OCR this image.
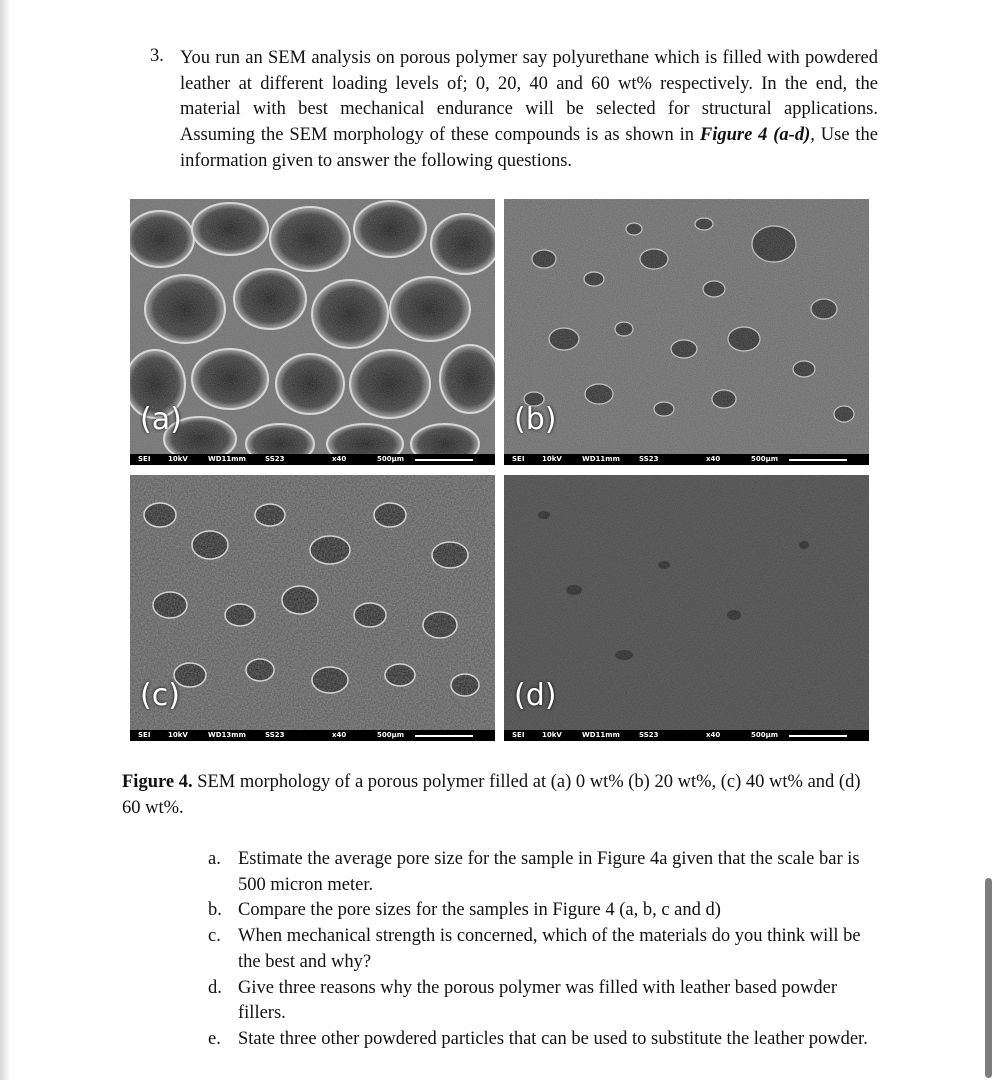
3. You run an SEM analysis on porous polymer say polyurethane which is filled with powdered leather at different loading levels of; 0, 20, 40 and 60 wt% respectively. In the end, the material with best mechanical endurance will be selected for structural applications. Assuming the SEM morphology of these compounds is as shown in Figure 4 (a-d), Use the information given to answer the following questions.
(a)
SEI	10kV	WD11mm	SS23	x40	500μm
(b)
SEI	10kV	WD11mm	SS23	x40	500μm
(c)
SEI	10kV	WD13mm	SS23	x40	500μm
(d)
SEI	10kV	WD11mm	SS23	x40	500μm
Figure 4. SEM morphology of a porous polymer filled at (a) 0 wt% (b) 20 wt%, (c) 40 wt% and (d) 60 wt%.
a. Estimate the average pore size for the sample in Figure 4a given that the scale bar is 500 micron meter.
b. Compare the pore sizes for the samples in Figure 4 (a, b, c and d)
c. When mechanical strength is concerned, which of the materials do you think will be the best and why?
d. Give three reasons why the porous polymer was filled with leather based powder fillers.
e. State three other powdered particles that can be used to substitute the leather powder.
